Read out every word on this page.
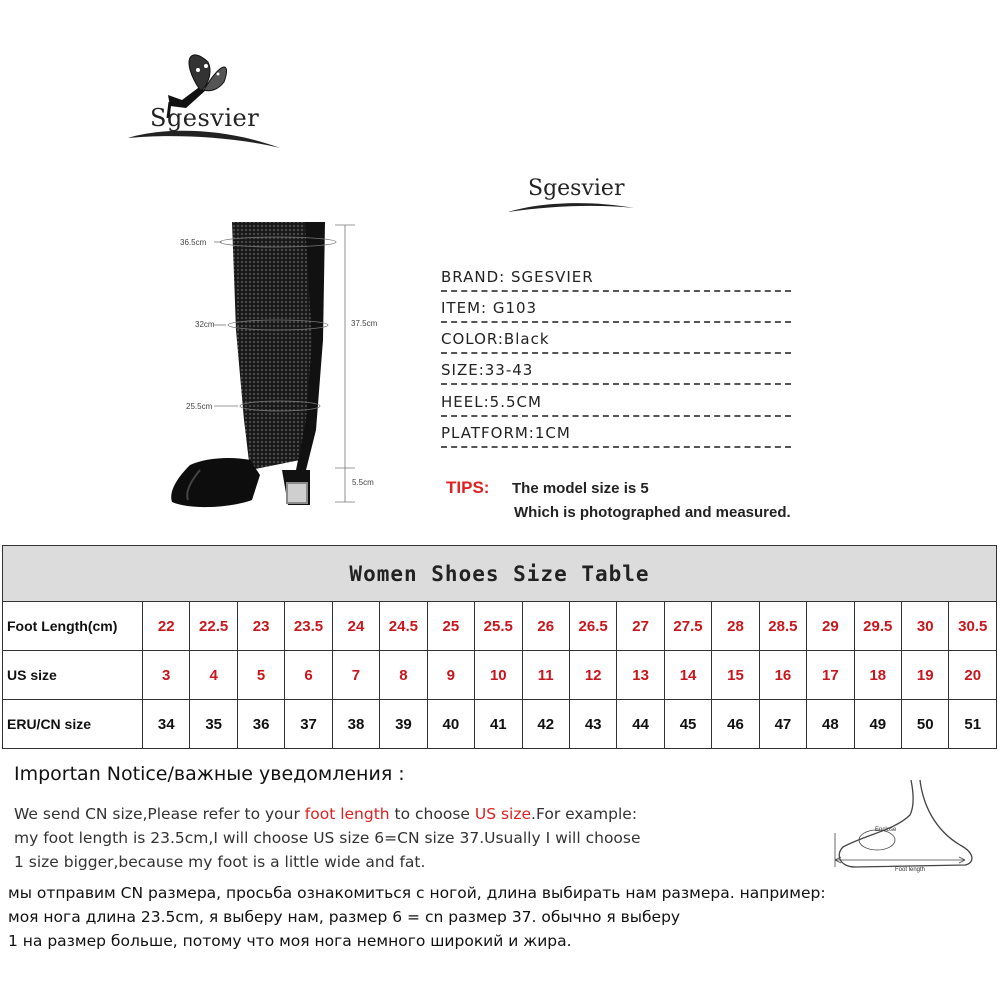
Sgesvier
Sgesvier
36.5cm
32cm
25.5cm
37.5cm
5.5cm
BRAND: SGESVIER
ITEM: G103
COLOR:Black
SIZE:33-43
HEEL:5.5CM
PLATFORM:1CM
TIPS: The model size is 5
Which is photographed and measured.
Women Shoes Size Table																		
Foot Length(cm)	22	22.5	23	23.5	24	24.5	25	25.5	26	26.5	27	27.5	28	28.5	29	29.5	30	30.5
US size	3	4	5	6	7	8	9	10	11	12	13	14	15	16	17	18	19	20
ERU/CN size	34	35	36	37	38	39	40	41	42	43	44	45	46	47	48	49	50	51
Importan Notice/важные уведомления :
We send CN size,Please refer to your foot length to choose US size.For example:
my foot length is 23.5cm,I will choose US size 6=CN size 37.Usually I will choose
1 size bigger,because my foot is a little wide and fat.
мы отправим CN размера, просьба ознакомиться с ногой, длина выбирать нам размера. например:
моя нога длина 23.5cm, я выберу нам, размер 6 = cn размер 37. обычно я выберу
1 на размер больше, потому что моя нога немного широкий и жира.
Enclose
Foot length
